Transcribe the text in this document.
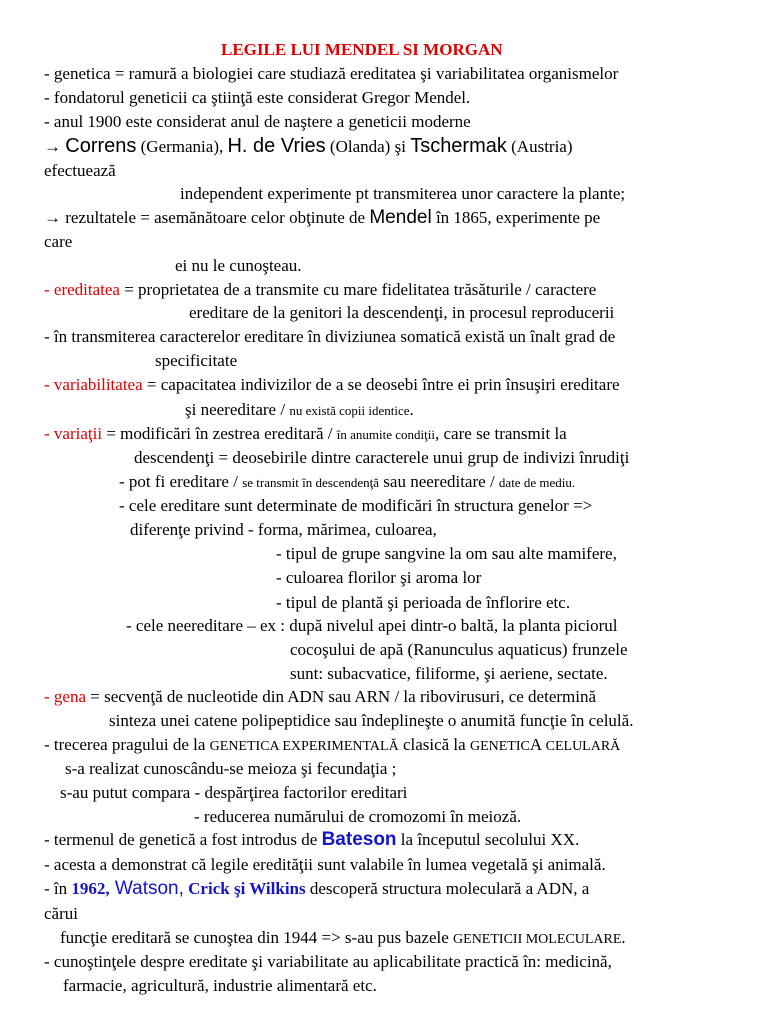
LEGILE LUI MENDEL SI MORGAN
- genetica = ramură a biologiei care studiază ereditatea şi variabilitatea organismelor
- fondatorul geneticii ca ştiinţă este considerat Gregor Mendel.
- anul 1900 este considerat anul de naştere a geneticii moderne
→ Correns (Germania), H. de Vries (Olanda) şi Tschermak (Austria)
efectuează
independent experimente pt transmiterea unor caractere la plante;
→ rezultatele = asemănătoare celor obţinute de Mendel în 1865, experimente pe
care
ei nu le cunoşteau.
- ereditatea = proprietatea de a transmite cu mare fidelitatea trăsăturile / caractere
ereditare de la genitori la descendenţi, in procesul reproducerii
- în transmiterea caracterelor ereditare în diviziunea somatică există un înalt grad de
specificitate
- variabilitatea = capacitatea indivizilor de a se deosebi între ei prin însuşiri ereditare
şi neereditare / nu există copii identice.
- variaţii = modificări în zestrea ereditară / în anumite condiţii, care se transmit la
descendenţi = deosebirile dintre caracterele unui grup de indivizi înrudiţi
- pot fi ereditare / se transmit în descendenţă sau neereditare / date de mediu.
- cele ereditare sunt determinate de modificări în structura genelor =>
diferenţe privind - forma, mărimea, culoarea,
- tipul de grupe sangvine la om sau alte mamifere,
- culoarea florilor şi aroma lor
- tipul de plantă şi perioada de înflorire etc.
- cele neereditare – ex : după nivelul apei dintr-o baltă, la planta piciorul
cocoşului de apă (Ranunculus aquaticus) frunzele
sunt: subacvatice, filiforme, şi aeriene, sectate.
- gena = secvenţă de nucleotide din ADN sau ARN / la ribovirusuri, ce determină
sinteza unei catene polipeptidice sau îndeplineşte o anumită funcţie în celulă.
- trecerea pragului de la GENETICA EXPERIMENTALĂ clasică la GENETICA CELULARĂ
s-a realizat cunoscându-se meioza şi fecundaţia ;
s-au putut compara - despărţirea factorilor ereditari
- reducerea numărului de cromozomi în meioză.
- termenul de genetică a fost introdus de Bateson la începutul secolului XX.
- acesta a demonstrat că legile eredităţii sunt valabile în lumea vegetală şi animală.
- în 1962, Watson, Crick şi Wilkins descoperă structura moleculară a ADN, a
cărui
funcţie ereditară se cunoştea din 1944 => s-au pus bazele GENETICII MOLECULARE.
- cunoştinţele despre ereditate şi variabilitate au aplicabilitate practică în: medicină,
farmacie, agricultură, industrie alimentară etc.
